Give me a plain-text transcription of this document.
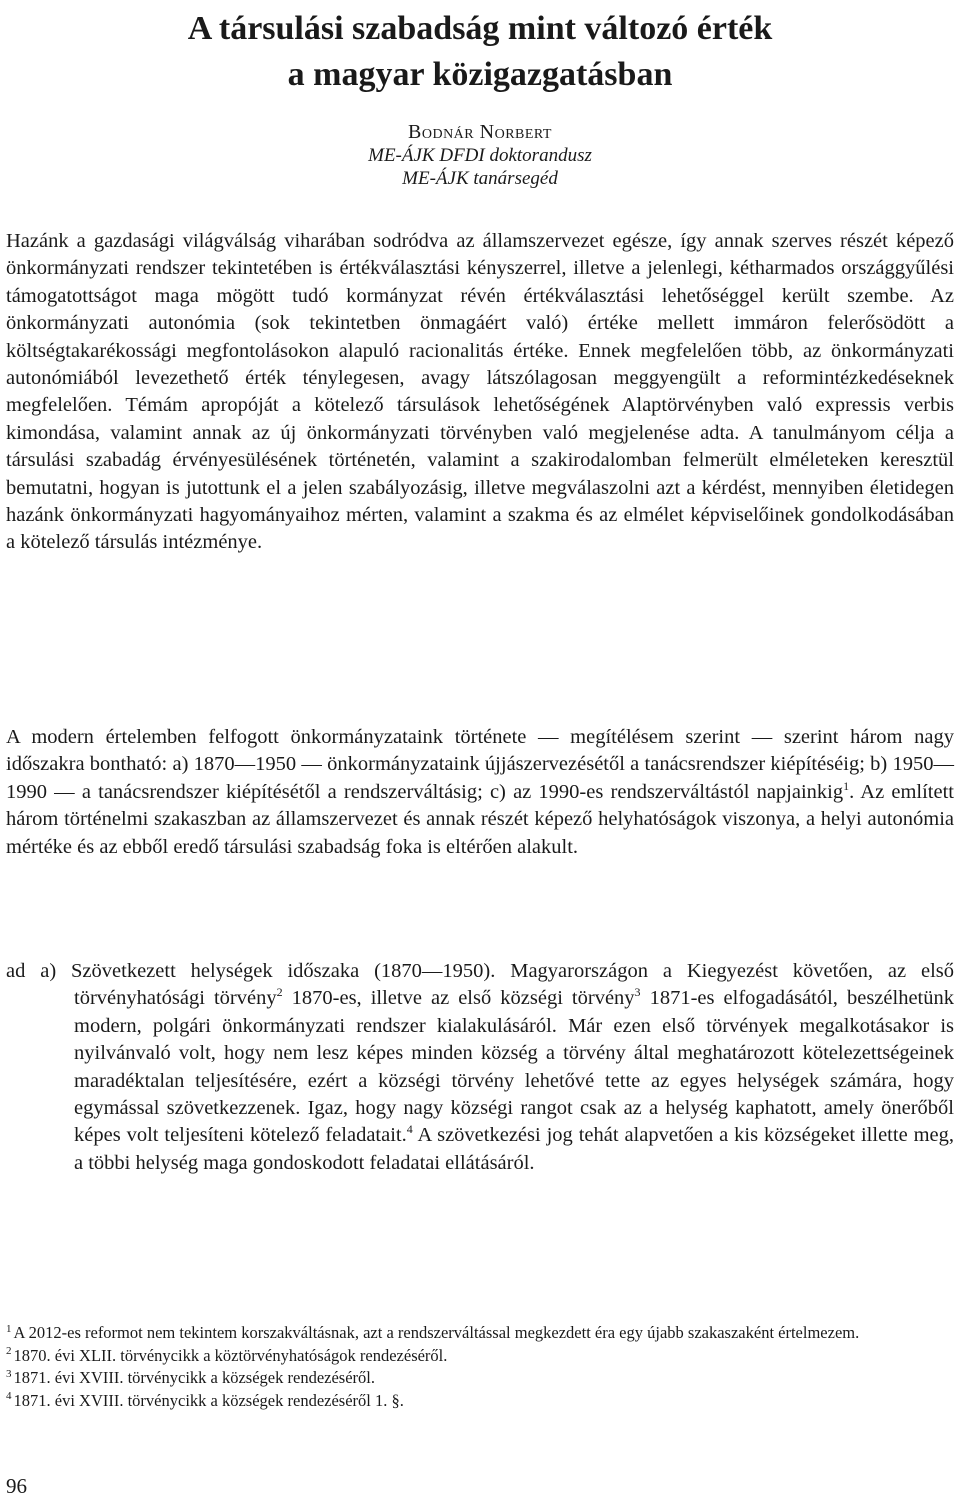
A társulási szabadság mint változó érték
a magyar közigazgatásban
Bodnár Norbert
ME-ÁJK DFDI doktorandusz
ME-ÁJK tanársegéd

Hazánk a gazdasági világválság viharában sodródva az államszervezet egésze, így annak szerves részét képező önkormányzati rendszer tekintetében is értékválasztási kényszerrel, illetve a jelenlegi, kétharmados országgyűlési támogatottságot maga mögött tudó kormányzat révén értékválasztási lehetőséggel került szembe. Az önkormányzati autonómia (sok tekintetben önmagáért való) értéke mellett immáron felerősödött a költségtakarékossági megfontolásokon alapuló racionalitás értéke. Ennek megfelelően több, az önkormányzati autonómiából levezethető érték ténylegesen, avagy látszólagosan meggyengült a reformintézkedéseknek megfelelően. Témám apropóját a kötelező társulások lehetőségének Alaptörvényben való expressis verbis kimondása, valamint annak az új önkormányzati törvényben való megjelenése adta. A tanulmányom célja a társulási szabadág érvényesülésének történetén, valamint a szakirodalomban felmerült elméleteken keresztül bemutatni, hogyan is jutottunk el a jelen szabályozásig, illetve megválaszolni azt a kérdést, mennyiben életidegen hazánk önkormányzati hagyományaihoz mérten, valamint a szakma és az elmélet képviselőinek gondolkodásában a kötelező társulás intézménye.

A modern értelemben felfogott önkormányzataink története — megítélésem szerint — szerint három nagy időszakra bontható: a) 1870—1950 — önkormányzataink újjászervezésétől a tanácsrendszer kiépítéséig; b) 1950—1990 — a tanácsrendszer kiépítésétől a rendszerváltásig; c) az 1990-es rendszerváltástól napjainkig$^1$. Az említett három történelmi szakaszban az államszervezet és annak részét képező helyhatóságok viszonya, a helyi autonómia mértéke és az ebből eredő társulási szabadság foka is eltérően alakult.

ad a) Szövetkezett helységek időszaka (1870—1950). Magyarországon a Kiegyezést követően, az első törvényhatósági törvény$^2$ 1870-es, illetve az első községi törvény$^3$ 1871-es elfogadásától, beszélhetünk modern, polgári önkormányzati rendszer kialakulásáról. Már ezen első törvények megalkotásakor is nyilvánvaló volt, hogy nem lesz képes minden község a törvény által meghatározott kötelezettségeinek maradéktalan teljesítésére, ezért a községi törvény lehetővé tette az egyes helységek számára, hogy egymással szövetkezzenek. Igaz, hogy nagy községi rangot csak az a helység kaphatott, amely önerőből képes volt teljesíteni kötelező feladatait.$^4$ A szövetkezési jog tehát alapvetően a kis községeket illette meg, a többi helység maga gondoskodott feladatai ellátásáról.

$^1$ A 2012-es reformot nem tekintem korszakváltásnak, azt a rendszerváltással megkezdett éra egy újabb szakaszaként értelmezem.

$^2$ 1870. évi XLII. törvénycikk a köztörvényhatóságok rendezéséről.

$^3$ 1871. évi XVIII. törvénycikk a községek rendezéséről.

$^4$ 1871. évi XVIII. törvénycikk a községek rendezéséről 1. §.

96
